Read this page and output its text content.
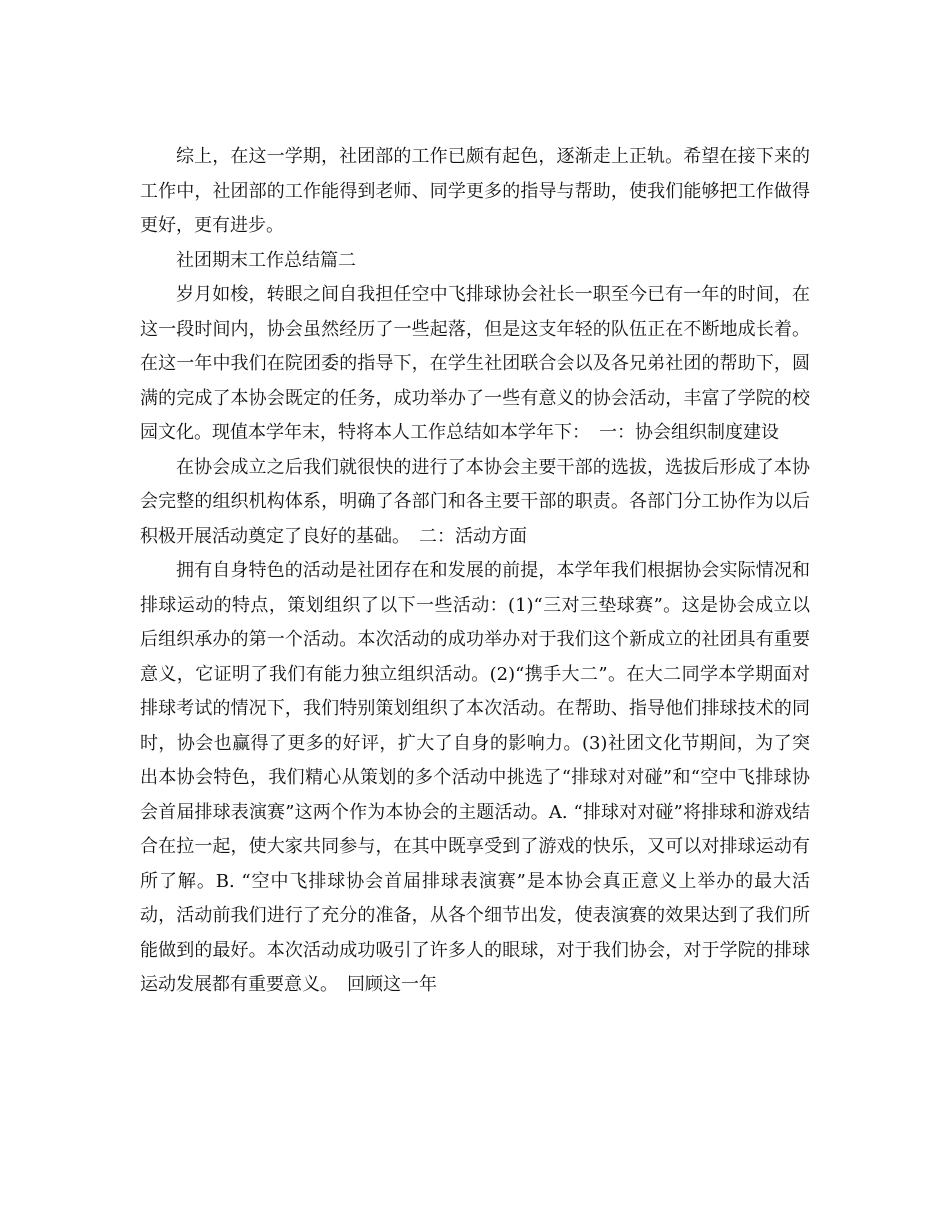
综上，在这一学期，社团部的工作已颇有起色，逐渐走上正轨。希望在接下来的工作中，社团部的工作能得到老师、同学更多的指导与帮助，使我们能够把工作做得更好，更有进步。

社团期末工作总结篇二

岁月如梭，转眼之间自我担任空中飞排球协会社长一职至今已有一年的时间，在这一段时间内，协会虽然经历了一些起落，但是这支年轻的队伍正在不断地成长着。在这一年中我们在院团委的指导下，在学生社团联合会以及各兄弟社团的帮助下，圆满的完成了本协会既定的任务，成功举办了一些有意义的协会活动，丰富了学院的校园文化。现值本学年末，特将本人工作总结如本学年下：　一：协会组织制度建设

在协会成立之后我们就很快的进行了本协会主要干部的选拔，选拔后形成了本协会完整的组织机构体系，明确了各部门和各主要干部的职责。各部门分工协作为以后积极开展活动奠定了良好的基础。　二：活动方面

拥有自身特色的活动是社团存在和发展的前提，本学年我们根据协会实际情况和排球运动的特点，策划组织了以下一些活动：(1)“三对三垫球赛”。这是协会成立以后组织承办的第一个活动。本次活动的成功举办对于我们这个新成立的社团具有重要意义，它证明了我们有能力独立组织活动。(2)“携手大二”。在大二同学本学期面对排球考试的情况下，我们特别策划组织了本次活动。在帮助、指导他们排球技术的同时，协会也赢得了更多的好评，扩大了自身的影响力。(3)社团文化节期间，为了突出本协会特色，我们精心从策划的多个活动中挑选了“排球对对碰”和“空中飞排球协会首届排球表演赛”这两个作为本协会的主题活动。A. “排球对对碰”将排球和游戏结合在拉一起，使大家共同参与，在其中既享受到了游戏的快乐，又可以对排球运动有所了解。B. “空中飞排球协会首届排球表演赛”是本协会真正意义上举办的最大活动，活动前我们进行了充分的准备，从各个细节出发，使表演赛的效果达到了我们所能做到的最好。本次活动成功吸引了许多人的眼球，对于我们协会，对于学院的排球运动发展都有重要意义。　回顾这一年
